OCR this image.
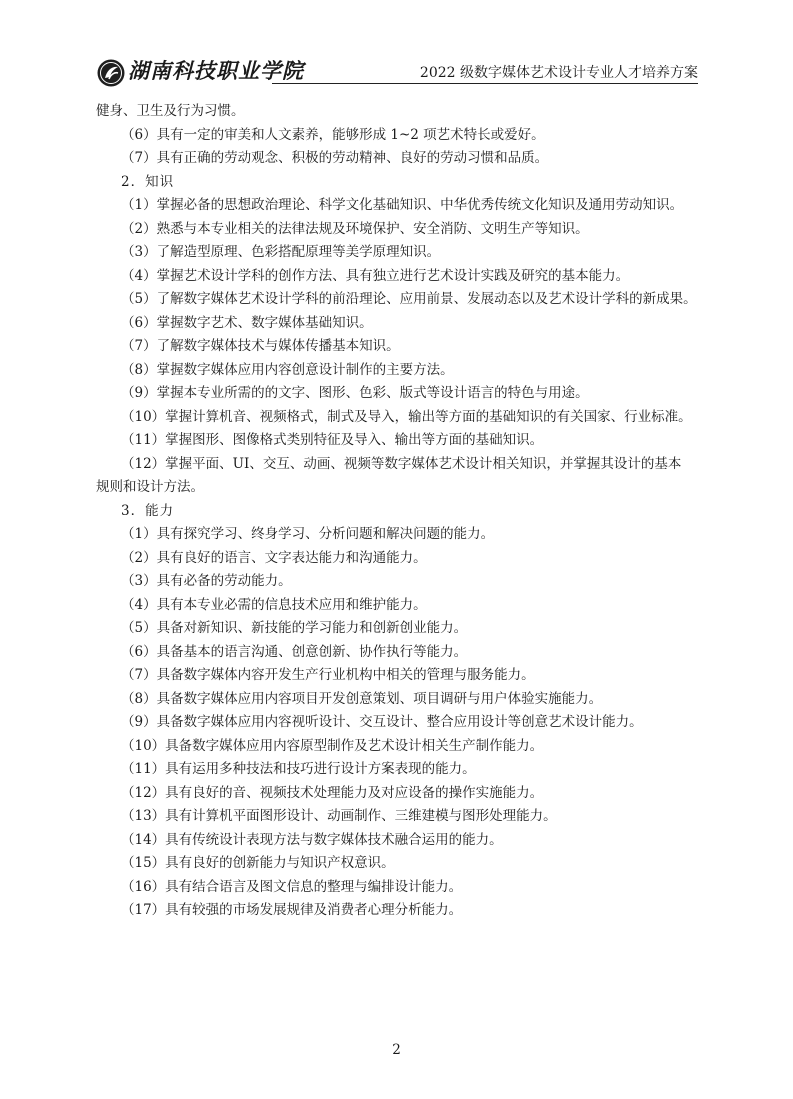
湖南科技职业学院	2022 级数字媒体艺术设计专业人才培养方案
健身、卫生及行为习惯。
（6）具有一定的审美和人文素养，能够形成 1~2 项艺术特长或爱好。
（7）具有正确的劳动观念、积极的劳动精神、良好的劳动习惯和品质。
2．知识
（1）掌握必备的思想政治理论、科学文化基础知识、中华优秀传统文化知识及通用劳动知识。
（2）熟悉与本专业相关的法律法规及环境保护、安全消防、文明生产等知识。
（3）了解造型原理、色彩搭配原理等美学原理知识。
（4）掌握艺术设计学科的创作方法、具有独立进行艺术设计实践及研究的基本能力。
（5）了解数字媒体艺术设计学科的前沿理论、应用前景、发展动态以及艺术设计学科的新成果。
（6）掌握数字艺术、数字媒体基础知识。
（7）了解数字媒体技术与媒体传播基本知识。
（8）掌握数字媒体应用内容创意设计制作的主要方法。
（9）掌握本专业所需的的文字、图形、色彩、版式等设计语言的特色与用途。
（10）掌握计算机音、视频格式，制式及导入，输出等方面的基础知识的有关国家、行业标准。
（11）掌握图形、图像格式类别特征及导入、输出等方面的基础知识。
（12）掌握平面、UI、交互、动画、视频等数字媒体艺术设计相关知识，并掌握其设计的基本
规则和设计方法。
3．能力
（1）具有探究学习、终身学习、分析问题和解决问题的能力。
（2）具有良好的语言、文字表达能力和沟通能力。
（3）具有必备的劳动能力。
（4）具有本专业必需的信息技术应用和维护能力。
（5）具备对新知识、新技能的学习能力和创新创业能力。
（6）具备基本的语言沟通、创意创新、协作执行等能力。
（7）具备数字媒体内容开发生产行业机构中相关的管理与服务能力。
（8）具备数字媒体应用内容项目开发创意策划、项目调研与用户体验实施能力。
（9）具备数字媒体应用内容视听设计、交互设计、整合应用设计等创意艺术设计能力。
（10）具备数字媒体应用内容原型制作及艺术设计相关生产制作能力。
（11）具有运用多种技法和技巧进行设计方案表现的能力。
（12）具有良好的音、视频技术处理能力及对应设备的操作实施能力。
（13）具有计算机平面图形设计、动画制作、三维建模与图形处理能力。
（14）具有传统设计表现方法与数字媒体技术融合运用的能力。
（15）具有良好的创新能力与知识产权意识。
（16）具有结合语言及图文信息的整理与编排设计能力。
（17）具有较强的市场发展规律及消费者心理分析能力。
2
